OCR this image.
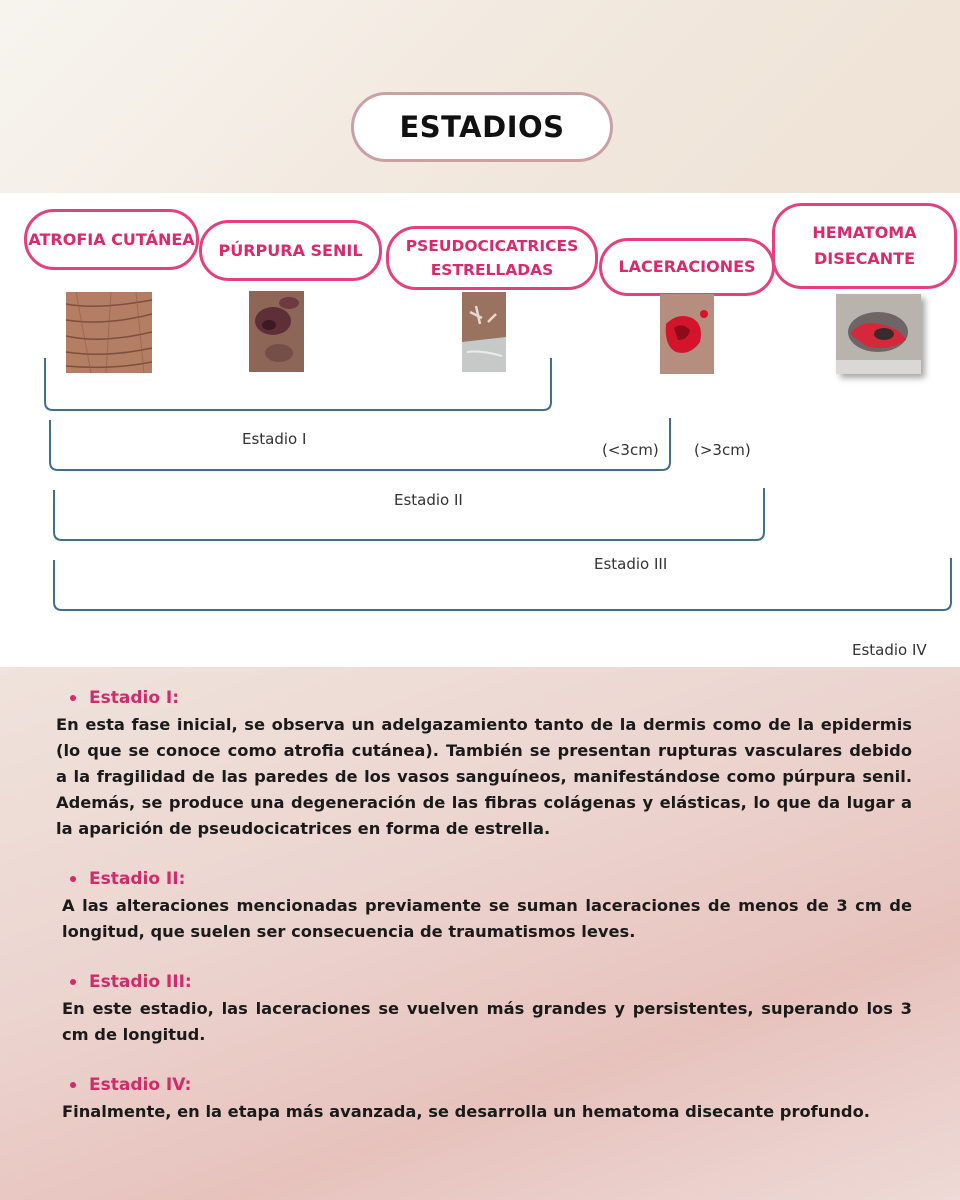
ESTADIOS
ATROFIA CUTÁNEA
PÚRPURA SENIL	PSEUDOCICATRICES ESTRELLADAS	LACERACIONES
HEMATOMA DISECANTE
Estadio I
(<3cm) (>3cm)
Estadio II
Estadio III
Estadio IV
Estadio I:
En esta fase inicial, se observa un adelgazamiento tanto de la dermis como de la epidermis (lo que se conoce como atrofia cutánea). También se presentan rupturas vasculares debido a la fragilidad de las paredes de los vasos sanguíneos, manifestándose como púrpura senil. Además, se produce una degeneración de las fibras colágenas y elásticas, lo que da lugar a la aparición de pseudocicatrices en forma de estrella.
Estadio II:
A las alteraciones mencionadas previamente se suman laceraciones de menos de 3 cm de longitud, que suelen ser consecuencia de traumatismos leves.
Estadio III:
En este estadio, las laceraciones se vuelven más grandes y persistentes, superando los 3 cm de longitud.
Estadio IV:
Finalmente, en la etapa más avanzada, se desarrolla un hematoma disecante profundo.
